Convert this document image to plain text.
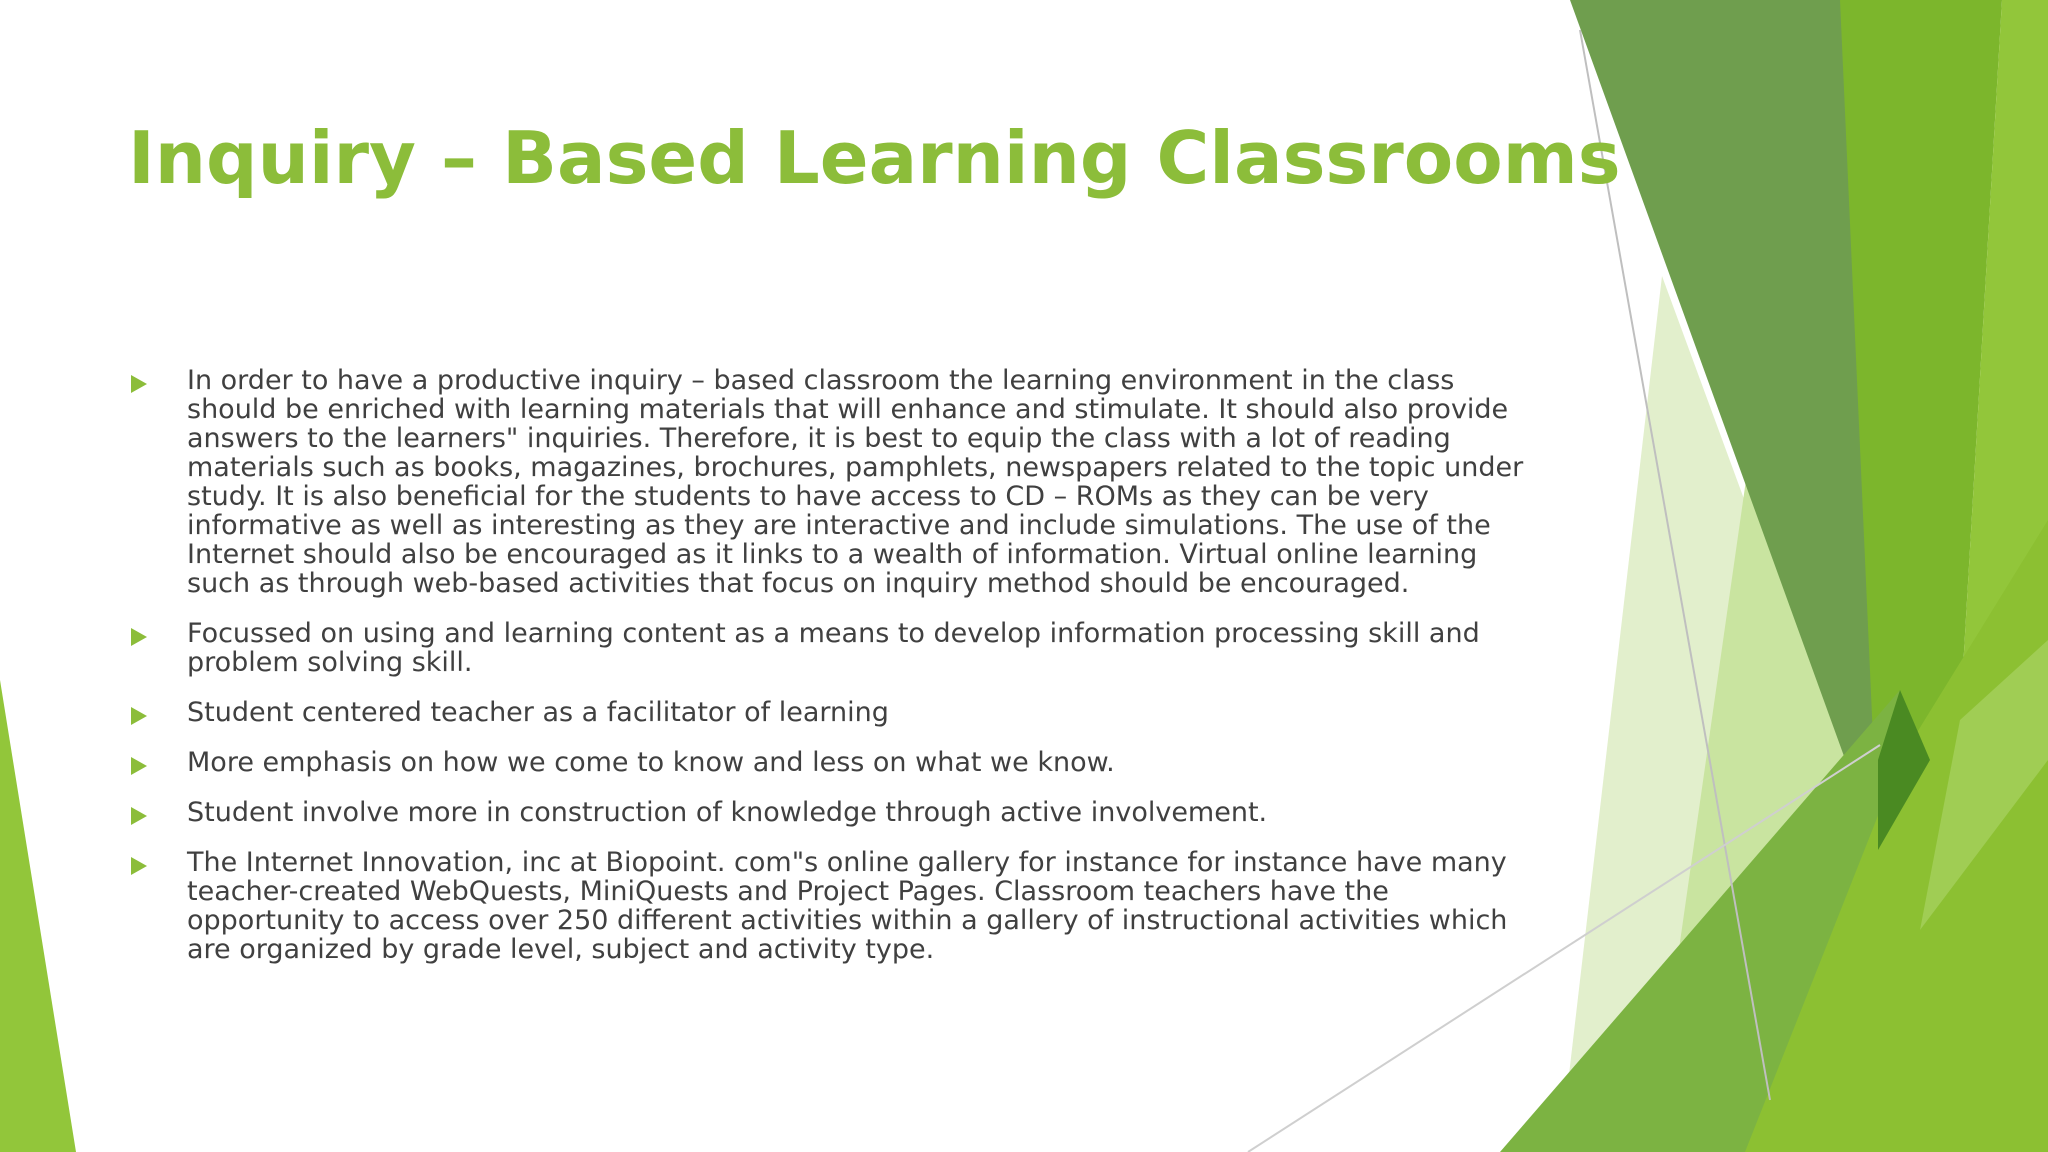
Inquiry – Based Learning Classrooms
In order to have a productive inquiry – based classroom the learning environment in the class should be enriched with learning materials that will enhance and stimulate. It should also provide answers to the learners" inquiries. Therefore, it is best to equip the class with a lot of reading materials such as books, magazines, brochures, pamphlets, newspapers related to the topic under study. It is also beneficial for the students to have access to CD – ROMs as they can be very informative as well as interesting as they are interactive and include simulations. The use of the Internet should also be encouraged as it links to a wealth of information. Virtual online learning such as through web-based activities that focus on inquiry method should be encouraged.
Focussed on using and learning content as a means to develop information processing skill and problem solving skill.
Student centered teacher as a facilitator of learning
More emphasis on how we come to know and less on what we know.
Student involve more in construction of knowledge through active involvement.
The Internet Innovation, inc at Biopoint. com"s online gallery for instance for instance have many teacher-created WebQuests, MiniQuests and Project Pages. Classroom teachers have the opportunity to access over 250 different activities within a gallery of instructional activities which are organized by grade level, subject and activity type.
